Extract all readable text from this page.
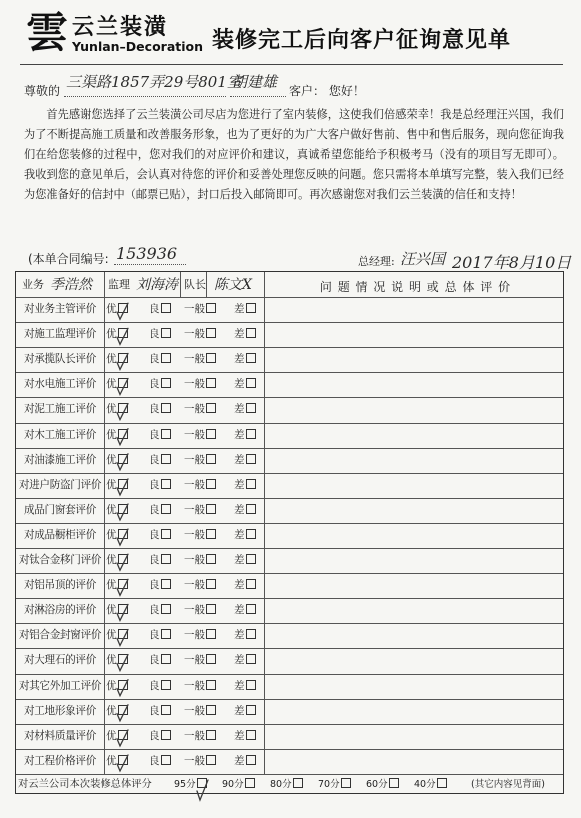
雲 云兰装潢
Yunlan–Decoration 装修完工后向客户征询意见单
尊敬的 三渠路1857弄29号801室
胡建雄 客户： 您好！
首先感谢您选择了云兰装潢公司尽店为您进行了室内装修，这使我们倍感荣幸！我是总经理汪兴国，我们为了不断提高施工质量和改善服务形象，也为了更好的为广大客户做好售前、售中和售后服务，现向您征询我们在给您装修的过程中，您对我们的对应评价和建议，真诚希望您能给予积极考马（没有的项目写无即可）。我收到您的意见单后，会认真对待您的评价和妥善处理您反映的问题。您只需将本单填写完整，装入我们已经为您准备好的信封中（邮票已贴），封口后投入邮筒即可。再次感谢您对我们云兰装潢的信任和支持！
(本单合同编号: 153936	总经理: 汪兴国 2017年8月10日
业务 季浩然 监理 刘海涛 队长 陈文X	问 题 情 况 说 明 或 总 体 评 价
对业务主管评价 优	良	一般	差
对施工监理评价 优	良	一般	差
对承揽队长评价 优	良	一般	差
对水电施工评价 优	良	一般	差
对泥工施工评价 优	良	一般	差
对木工施工评价 优	良	一般	差
对油漆施工评价 优	良	一般	差
对进户防盗门评价 优	良	一般	差
成品门窗套评价 优	良	一般	差
对成品橱柜评价 优	良	一般	差
对钛合金移门评价 优	良	一般	差
对铝吊顶的评价 优	良	一般	差
对淋浴房的评价 优	良	一般	差
对铝合金封窗评价 优	良	一般	差
对大理石的评价 优	良	一般	差
对其它外加工评价 优	良	一般	差
对工地形象评价 优	良	一般	差
对材料质量评价 优	良	一般	差
对工程价格评价 优	良	一般	差
对云兰公司本次装修总体评分	95分	90分	80分	70分	60分	40分	(其它内容见背面)
